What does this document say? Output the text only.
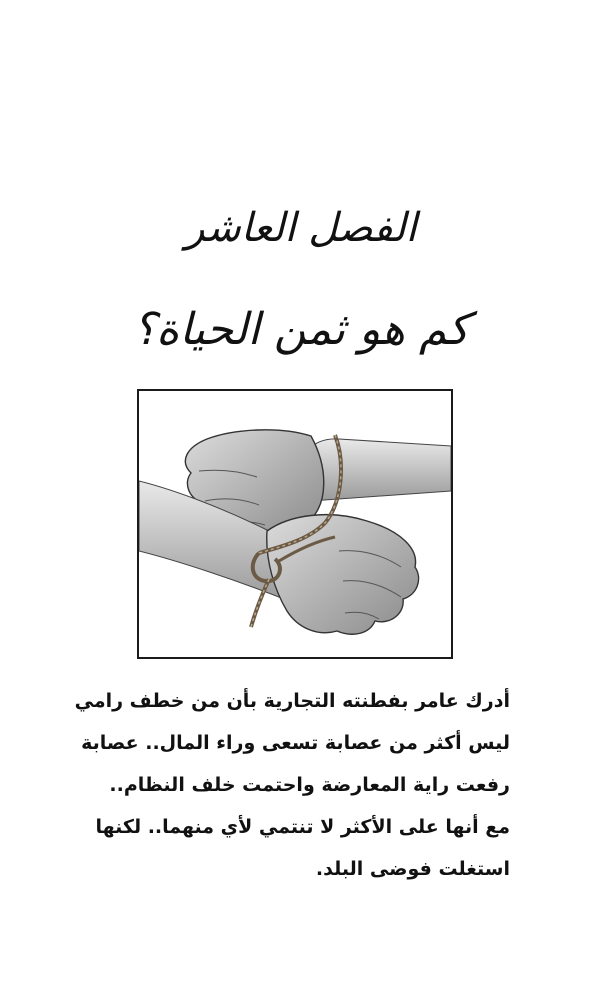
الفصل العاشر
كم هو ثمن الحياة؟
أدرك عامر بفطنته التجارية بأن من خطف رامي
ليس أكثر من عصابة تسعى وراء المال.. عصابة
رفعت راية المعارضة واحتمت خلف النظام..
مع أنها على الأكثر لا تنتمي لأي منهما.. لكنها
استغلت فوضى البلد.
